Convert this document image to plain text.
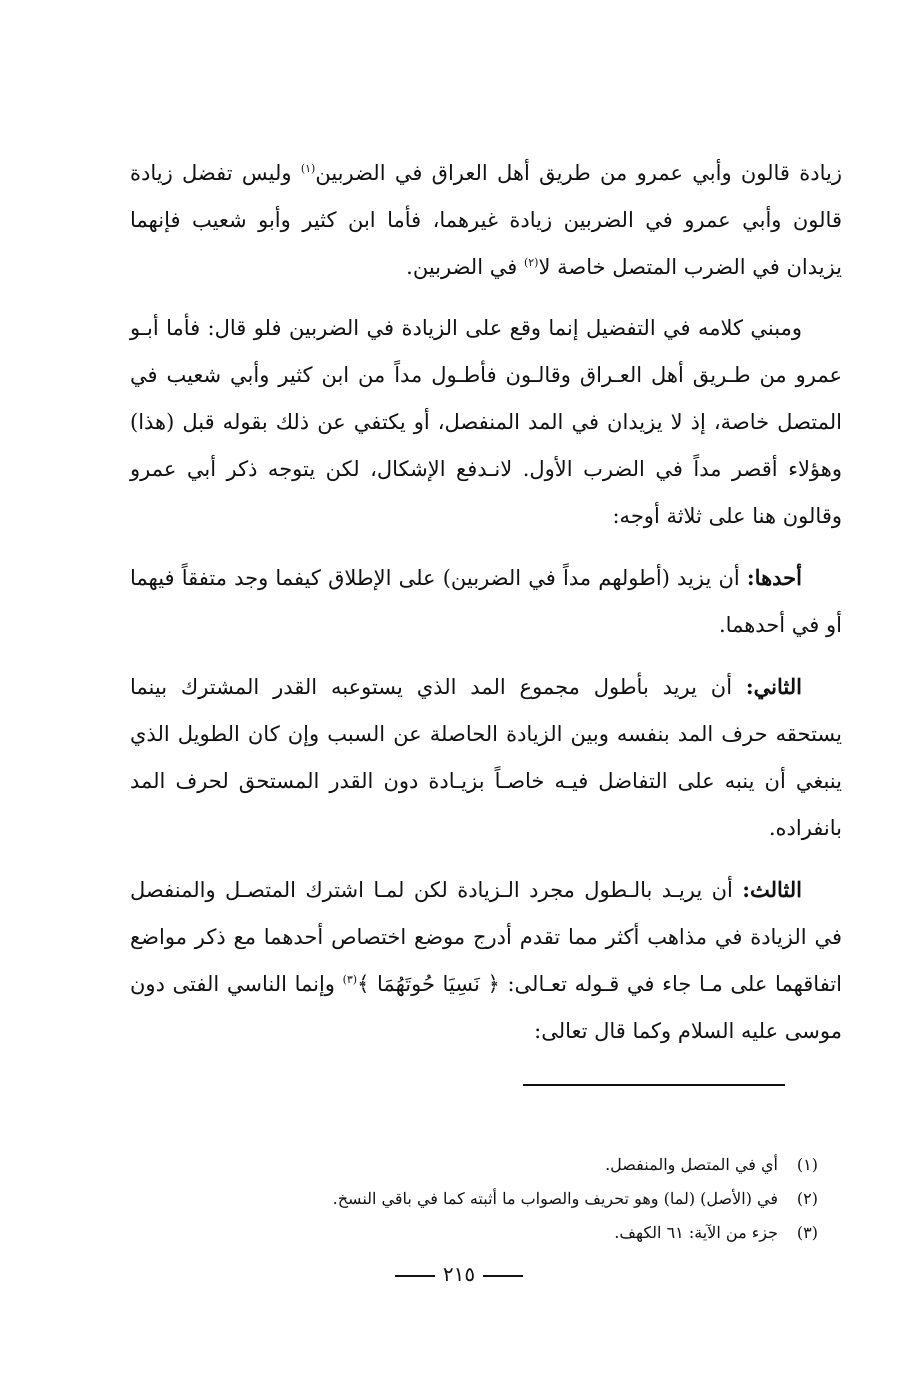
زيادة قالون وأبي عمرو من طريق أهل العراق في الضربين$^{(١)}$ وليس تفضل زيادة قالون وأبي عمرو في الضربين زيادة غيرهما، فأما ابن كثير وأبو شعيب فإنهما يزيدان في الضرب المتصل خاصة لا$^{(٢)}$ في الضربين.

ومبني كلامه في التفضيل إنما وقع على الزيادة في الضربين فلو قال: فأما أبـو عمرو من طـريق أهل العـراق وقالـون فأطـول مداً من ابن كثير وأبي شعيب في المتصل خاصة، إذ لا يزيدان في المد المنفصل، أو يكتفي عن ذلك بقوله قبل (هذا) وهؤلاء أقصر مداً في الضرب الأول. لانـدفع الإشكال، لكن يتوجه ذكر أبي عمرو وقالون هنا على ثلاثة أوجه:

أحدها: أن يزيد (أطولهم مداً في الضربين) على الإطلاق كيفما وجد متفقاً فيهما أو في أحدهما.

الثاني: أن يريد بأطول مجموع المد الذي يستوعبه القدر المشترك بينما يستحقه حرف المد بنفسه وبين الزيادة الحاصلة عن السبب وإن كان الطويل الذي ينبغي أن ينبه على التفاضل فيـه خاصـاً بزيـادة دون القدر المستحق لحرف المد بانفراده.

الثالث: أن يريـد بالـطول مجرد الـزيادة لكن لمـا اشترك المتصـل والمنفصل في الزيادة في مذاهب أكثر مما تقدم أدرج موضع اختصاص أحدهما مع ذكر مواضع اتفاقهما على مـا جاء في قـوله تعـالى: ﴿ نَسِيَا حُوتَهُمَا ﴾$^{(٣)}$ وإنما الناسي الفتى دون موسى عليه السلام وكما قال تعالى:

(١)أي في المتصل والمنفصل.

(٢)في (الأصل) (لما) وهو تحريف والصواب ما أثبته كما في باقي النسخ.

(٣)جزء من الآية: ٦١ الكهف.

٢١٥
